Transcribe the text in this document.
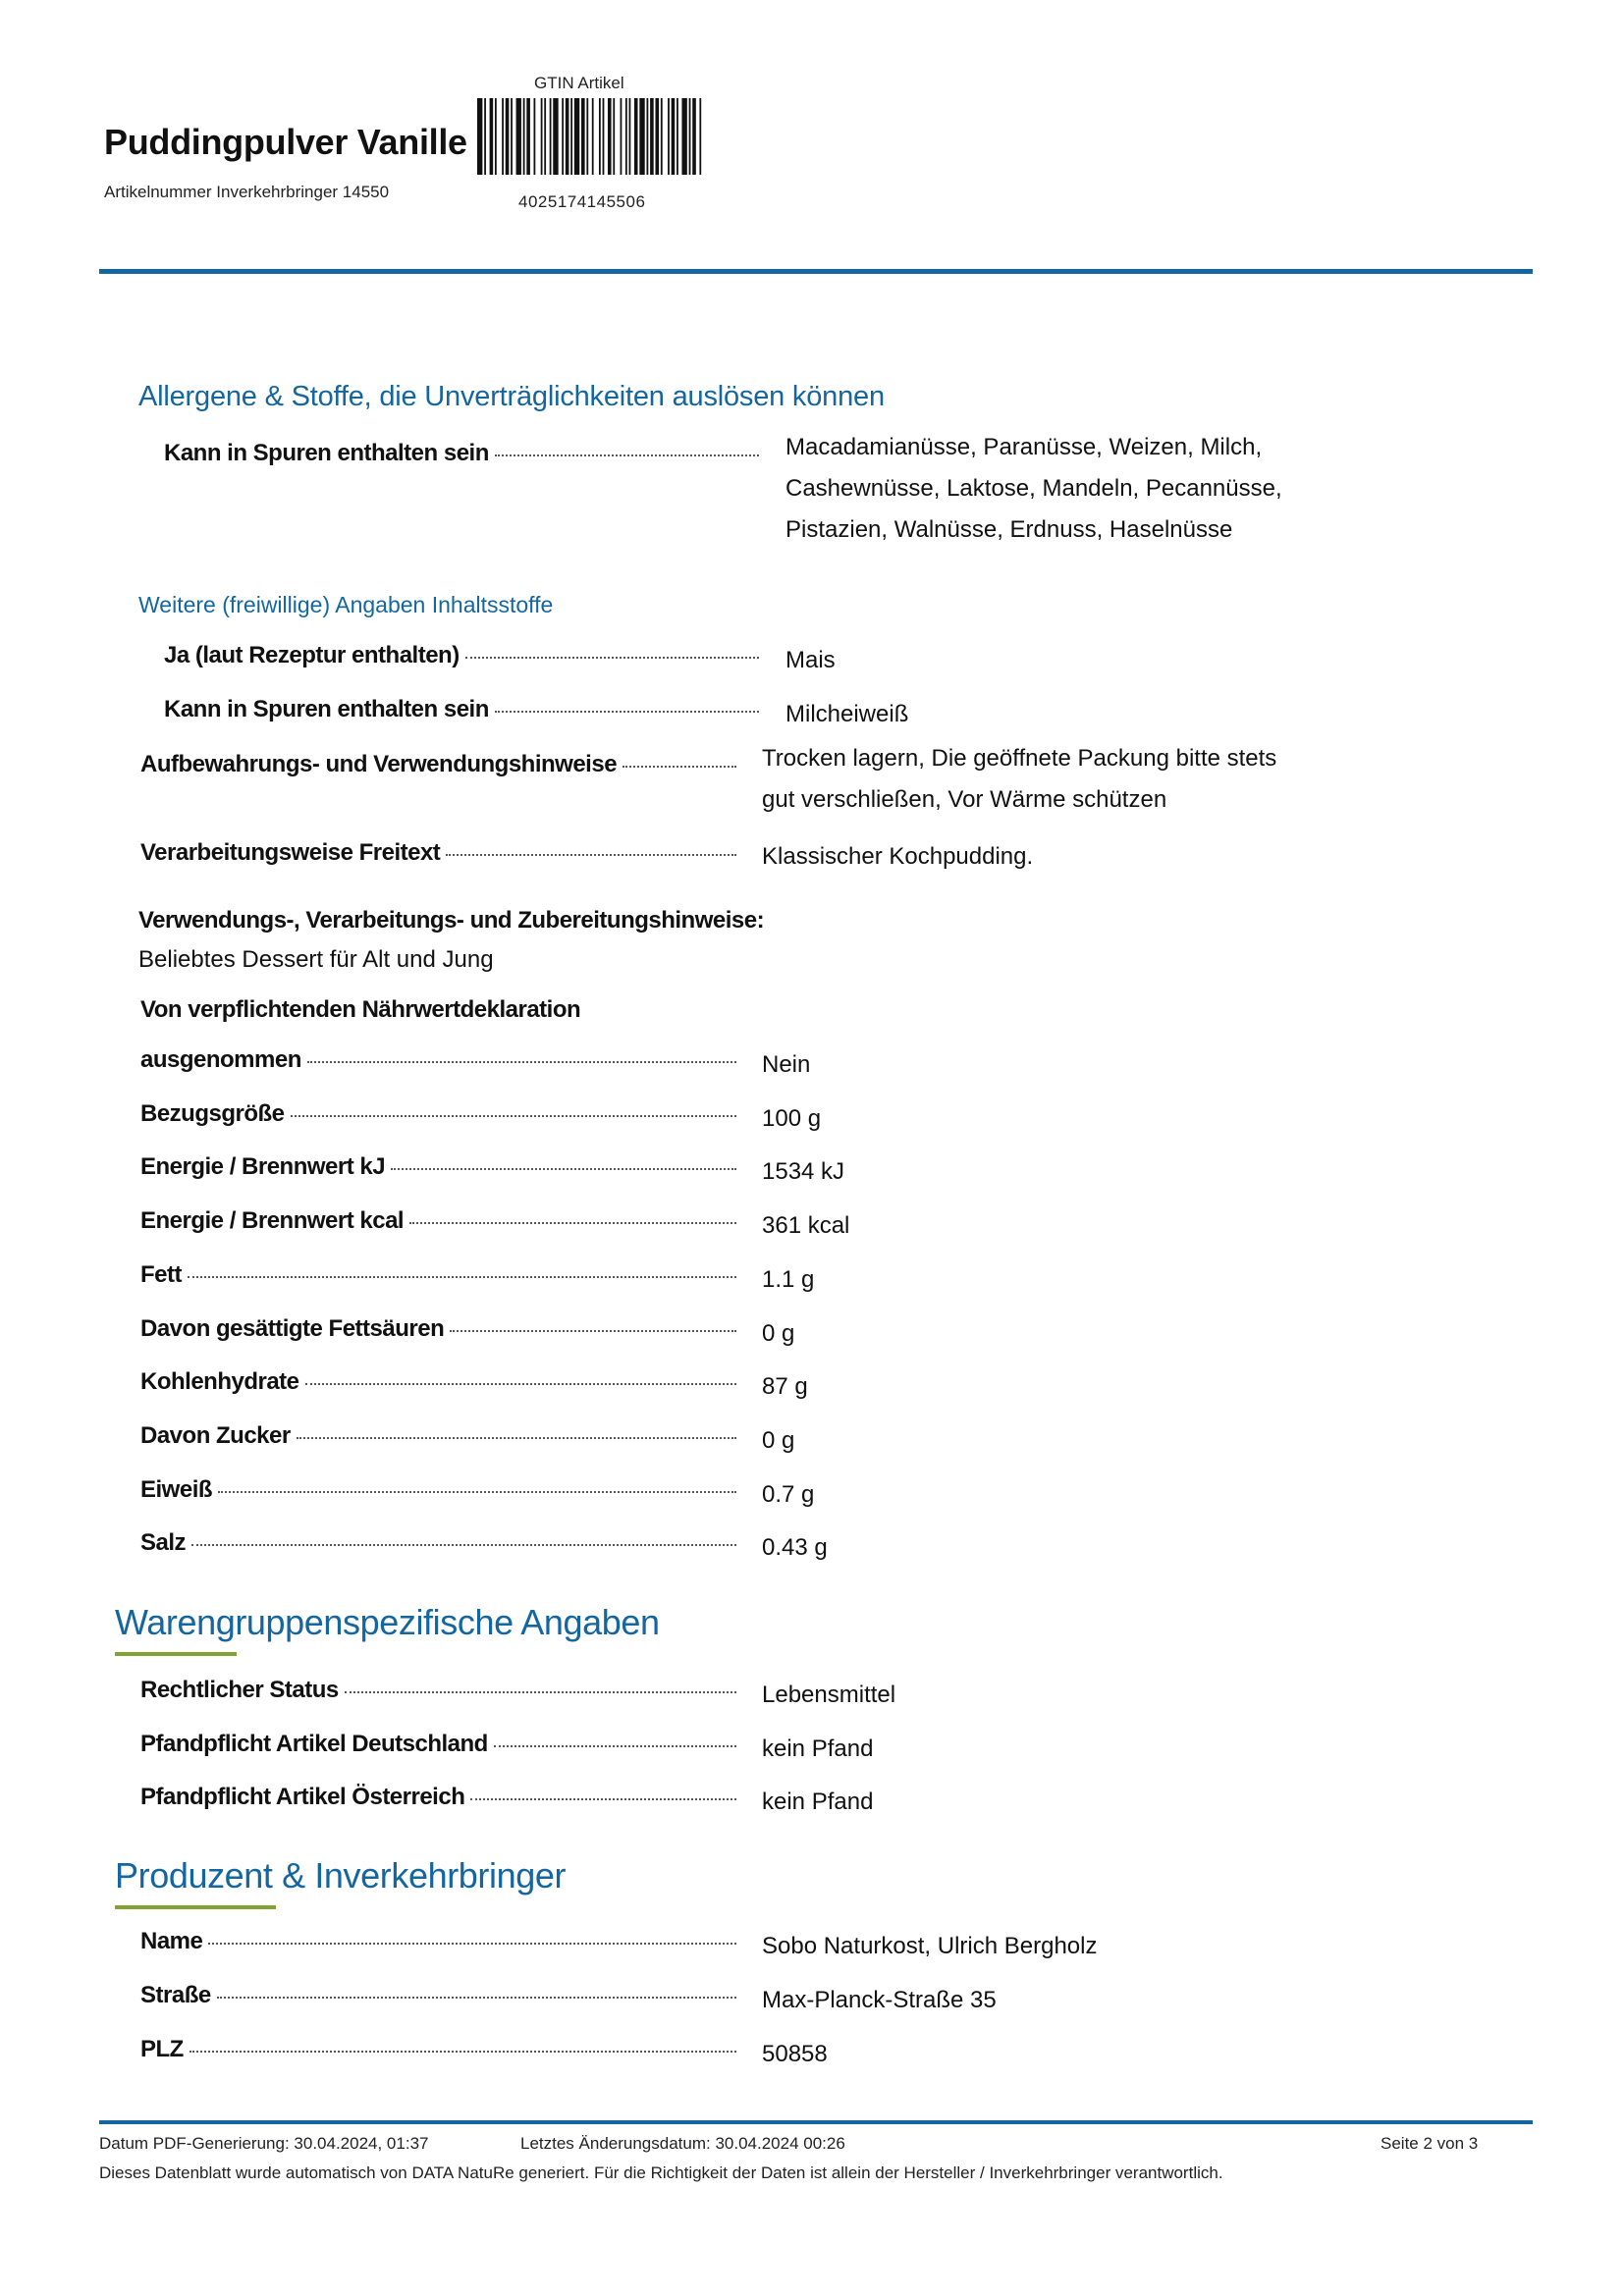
Puddingpulver Vanille
Artikelnummer Inverkehrbringer 14550
GTIN Artikel
4025174145506
Allergene & Stoffe, die Unverträglichkeiten auslösen können
Kann in Spuren enthalten sein	Macadamianüsse, Paranüsse, Weizen, Milch,
Cashewnüsse, Laktose, Mandeln, Pecannüsse,
Pistazien, Walnüsse, Erdnuss, Haselnüsse
Weitere (freiwillige) Angaben Inhaltsstoffe
Ja (laut Rezeptur enthalten)	Mais
Kann in Spuren enthalten sein	Milcheiweiß
Aufbewahrungs- und Verwendungshinweise	Trocken lagern, Die geöffnete Packung bitte stets
gut verschließen, Vor Wärme schützen
Verarbeitungsweise Freitext	Klassischer Kochpudding.
Verwendungs-, Verarbeitungs- und Zubereitungshinweise:
Beliebtes Dessert für Alt und Jung
Von verpflichtenden Nährwertdeklaration
ausgenommen	Nein
Bezugsgröße	100 g
Energie / Brennwert kJ	1534 kJ
Energie / Brennwert kcal	361 kcal
Fett	1.1 g
Davon gesättigte Fettsäuren	0 g
Kohlenhydrate	87 g
Davon Zucker	0 g
Eiweiß	0.7 g
Salz	0.43 g
Warengruppenspezifische Angaben
Rechtlicher Status	Lebensmittel
Pfandpflicht Artikel Deutschland	kein Pfand
Pfandpflicht Artikel Österreich	kein Pfand
Produzent & Inverkehrbringer
Name	Sobo Naturkost, Ulrich Bergholz
Straße	Max-Planck-Straße 35
PLZ	50858
Datum PDF-Generierung: 30.04.2024, 01:37	Letztes Änderungsdatum: 30.04.2024 00:26	Seite 2 von 3
Dieses Datenblatt wurde automatisch von DATA NatuRe generiert. Für die Richtigkeit der Daten ist allein der Hersteller / Inverkehrbringer verantwortlich.
